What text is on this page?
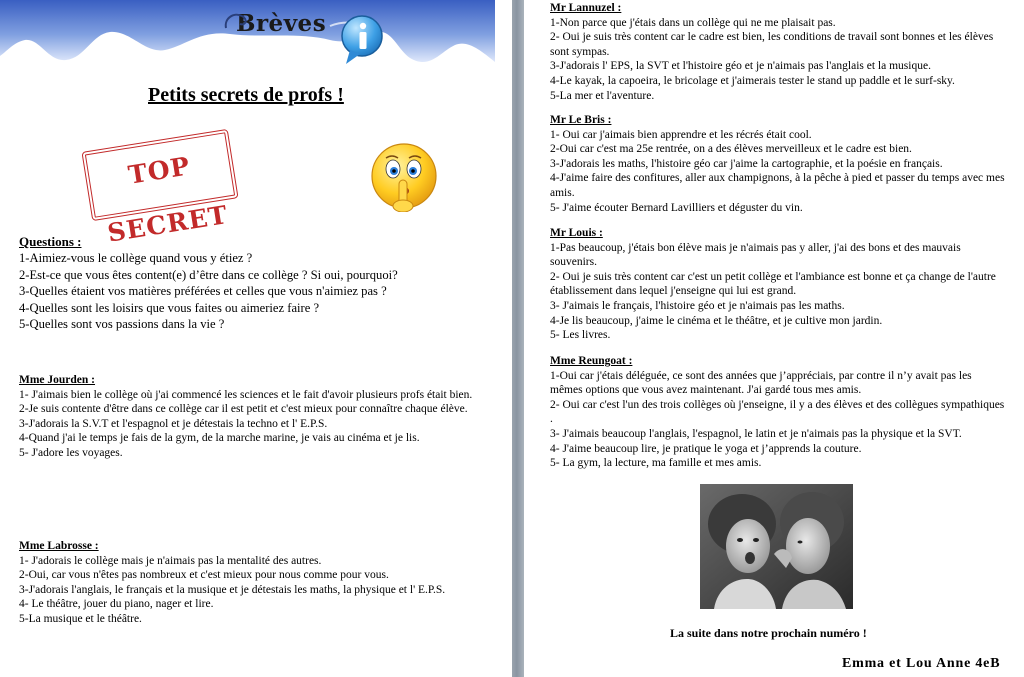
Brèves
Petits secrets de profs !
TOP SECRET

Questions :

1-Aimiez-vous le collège quand vous y étiez ?

2-Est-ce que vous êtes content(e) d’être dans ce collège ? Si oui, pourquoi?

3-Quelles étaient vos matières préférées et celles que vous n'aimiez pas ?

4-Quelles sont les loisirs que vous faites ou aimeriez faire ?

5-Quelles sont vos passions dans la vie ?

Mme Jourden :

1- J'aimais bien le collège où j'ai commencé les sciences et le fait d'avoir plusieurs profs était bien.

2-Je suis contente d'être dans ce collège car il est petit et c'est mieux pour connaître chaque élève.

3-J'adorais la S.V.T et l'espagnol et je détestais la techno et l' E.P.S.

4-Quand j'ai le temps je fais de la gym, de la marche marine, je vais au cinéma et je lis.

5- J'adore les voyages.

Mme Labrosse :

1- J'adorais le collège mais je n'aimais pas la mentalité des autres.

2-Oui, car vous n'êtes pas nombreux et c'est mieux pour nous comme pour vous.

3-J'adorais l'anglais, le français et la musique et je détestais les maths, la physique et l' E.P.S.

4- Le théâtre, jouer du piano, nager et lire.

5-La musique et le théâtre.

Mr Lannuzel :

1-Non parce que j'étais dans un collège qui ne me plaisait pas.

2- Oui je suis très content car le cadre est bien, les conditions de travail sont bonnes et les élèves sont sympas.

3-J'adorais l' EPS, la SVT et l'histoire géo et je n'aimais pas l'anglais et la musique.

4-Le kayak, la capoeira, le bricolage et j'aimerais tester le stand up paddle et le surf-sky.

5-La mer et l'aventure.

Mr Le Bris :

1- Oui car j'aimais bien apprendre et les récrés était cool.

2-Oui car c'est ma 25e rentrée, on a des élèves merveilleux et le cadre est bien.

3-J'adorais les maths, l'histoire géo car j'aime la cartographie, et la poésie en français.

4-J'aime faire des confitures, aller aux champignons, à la pêche à pied et passer du temps avec mes amis.

5- J'aime écouter Bernard Lavilliers et déguster du vin.

Mr Louis :

1-Pas beaucoup, j'étais bon élève mais je n'aimais pas y aller, j'ai des bons et des mauvais souvenirs.

2- Oui je suis très content car c'est un petit collège et l'ambiance est bonne et ça change de l'autre établissement dans lequel j'enseigne qui lui est grand.

3- J'aimais le français, l'histoire géo et je n'aimais pas les maths.

4-Je lis beaucoup, j'aime le cinéma et le théâtre, et je cultive mon jardin.

5- Les livres.

Mme Reungoat :

1-Oui car j'étais déléguée, ce sont des années que j’appréciais, par contre il n’y avait pas les mêmes options que vous avez maintenant. J'ai gardé tous mes amis.

2- Oui car c'est l'un des trois collèges où j'enseigne, il y a des élèves et des collègues sympathiques .

3- J'aimais beaucoup l'anglais, l'espagnol, le latin et je n'aimais pas la physique et la SVT.

4- J'aime beaucoup lire, je pratique le yoga et j’apprends la couture.

5- La gym, la lecture, ma famille et mes amis.

La suite dans notre prochain numéro !
Emma et Lou Anne 4eB
